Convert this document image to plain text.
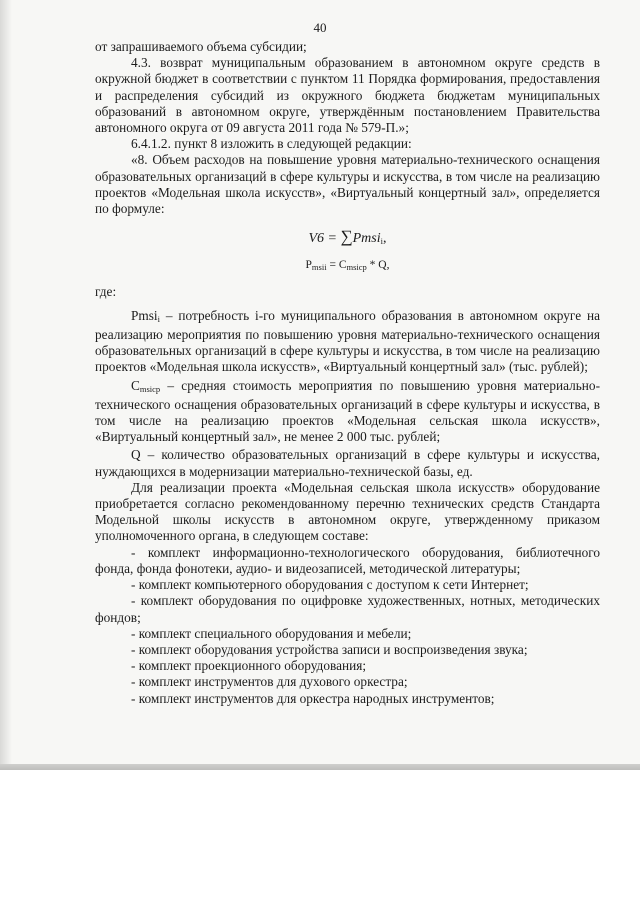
40

от запрашиваемого объема субсидии;

4.3. возврат муниципальным образованием в автономном округе средств в окружной бюджет в соответствии с пунктом 11 Порядка формирования, предоставления и распределения субсидий из окружного бюджета бюджетам муниципальных образований в автономном округе, утверждённым постановлением Правительства автономного округа от 09 августа 2011 года № 579-П.»;

6.4.1.2. пункт 8 изложить в следующей редакции:

«8. Объем расходов на повышение уровня материально-технического оснащения образовательных организаций в сфере культуры и искусства, в том числе на реализацию проектов «Модельная школа искусств», «Виртуальный концертный зал», определяется по формуле:

V6 = ∑Pmsi$_i$,
$P_{msii} = C_{msicp} * Q$,

где:

Pmsi$_i$ – потребность i-го муниципального образования в автономном округе на реализацию мероприятия по повышению уровня материально-технического оснащения образовательных организаций в сфере культуры и искусства, в том числе на реализацию проектов «Модельная школа искусств», «Виртуальный концертный зал» (тыс. рублей);

$C_{msicp}$ – средняя стоимость мероприятия по повышению уровня материально-технического оснащения образовательных организаций в сфере культуры и искусства, в том числе на реализацию проектов «Модельная сельская школа искусств», «Виртуальный концертный зал», не менее 2 000 тыс. рублей;

Q – количество образовательных организаций в сфере культуры и искусства, нуждающихся в модернизации материально-технической базы, ед.

Для реализации проекта «Модельная сельская школа искусств» оборудование приобретается согласно рекомендованному перечню технических средств Стандарта Модельной школы искусств в автономном округе, утвержденному приказом уполномоченного органа, в следующем составе:

- комплект информационно-технологического оборудования, библиотечного фонда, фонда фонотеки, аудио- и видеозаписей, методической литературы;

- комплект компьютерного оборудования с доступом к сети Интернет;

- комплект оборудования по оцифровке художественных, нотных, методических фондов;

- комплект специального оборудования и мебели;

- комплект оборудования устройства записи и воспроизведения звука;

- комплект проекционного оборудования;

- комплект инструментов для духового оркестра;

- комплект инструментов для оркестра народных инструментов;
